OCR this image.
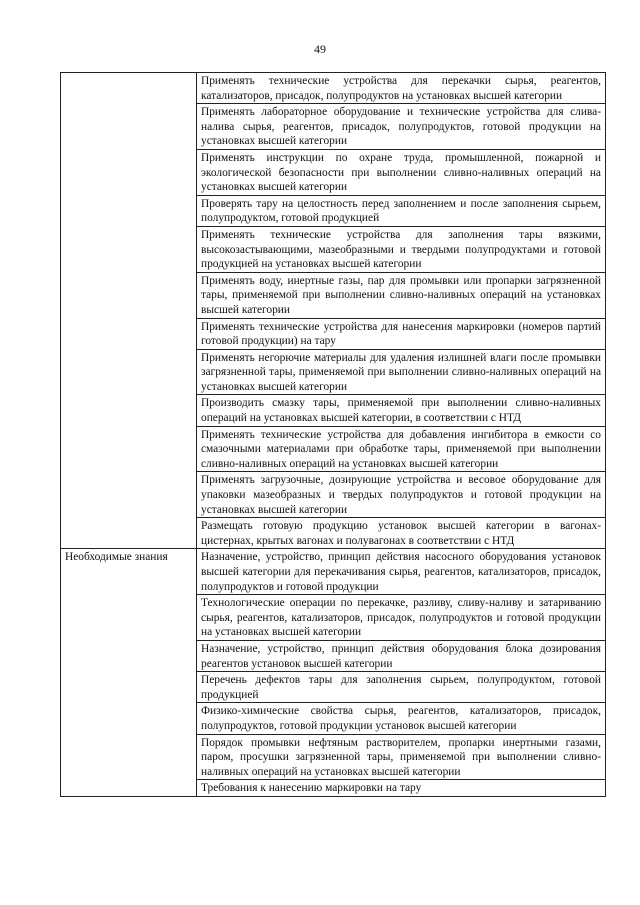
49
	Применять технические устройства для перекачки сырья, реагентов, катализаторов, присадок, полупродуктов на установках высшей категории
	Применять лабораторное оборудование и технические устройства для слива-налива сырья, реагентов, присадок, полупродуктов, готовой продукции на установках высшей категории
	Применять инструкции по охране труда, промышленной, пожарной и экологической безопасности при выполнении сливно-наливных операций на установках высшей категории
	Проверять тару на целостность перед заполнением и после заполнения сырьем, полупродуктом, готовой продукцией
	Применять технические устройства для заполнения тары вязкими, высокозастывающими, мазеобразными и твердыми полупродуктами и готовой продукцией на установках высшей категории
	Применять воду, инертные газы, пар для промывки или пропарки загрязненной тары, применяемой при выполнении сливно-наливных операций на установках высшей категории
	Применять технические устройства для нанесения маркировки (номеров партий готовой продукции) на тару
	Применять негорючие материалы для удаления излишней влаги после промывки загрязненной тары, применяемой при выполнении сливно-наливных операций на установках высшей категории
	Производить смазку тары, применяемой при выполнении сливно-наливных операций на установках высшей категории, в соответствии с НТД
	Применять технические устройства для добавления ингибитора в емкости со смазочными материалами при обработке тары, применяемой при выполнении сливно-наливных операций на установках высшей категории
	Применять загрузочные, дозирующие устройства и весовое оборудование для упаковки мазеобразных и твердых полупродуктов и готовой продукции на установках высшей категории
	Размещать готовую продукцию установок высшей категории в вагонах-цистернах, крытых вагонах и полувагонах в соответствии с НТД
Необходимые знания	Назначение, устройство, принцип действия насосного оборудования установок высшей категории для перекачивания сырья, реагентов, катализаторов, присадок, полупродуктов и готовой продукции
	Технологические операции по перекачке, разливу, сливу-наливу и затариванию сырья, реагентов, катализаторов, присадок, полупродуктов и готовой продукции на установках высшей категории
	Назначение, устройство, принцип действия оборудования блока дозирования реагентов установок высшей категории
	Перечень дефектов тары для заполнения сырьем, полупродуктом, готовой продукцией
	Физико-химические свойства сырья, реагентов, катализаторов, присадок, полупродуктов, готовой продукции установок высшей категории
	Порядок промывки нефтяным растворителем, пропарки инертными газами, паром, просушки загрязненной тары, применяемой при выполнении сливно-наливных операций на установках высшей категории
	Требования к нанесению маркировки на тару
